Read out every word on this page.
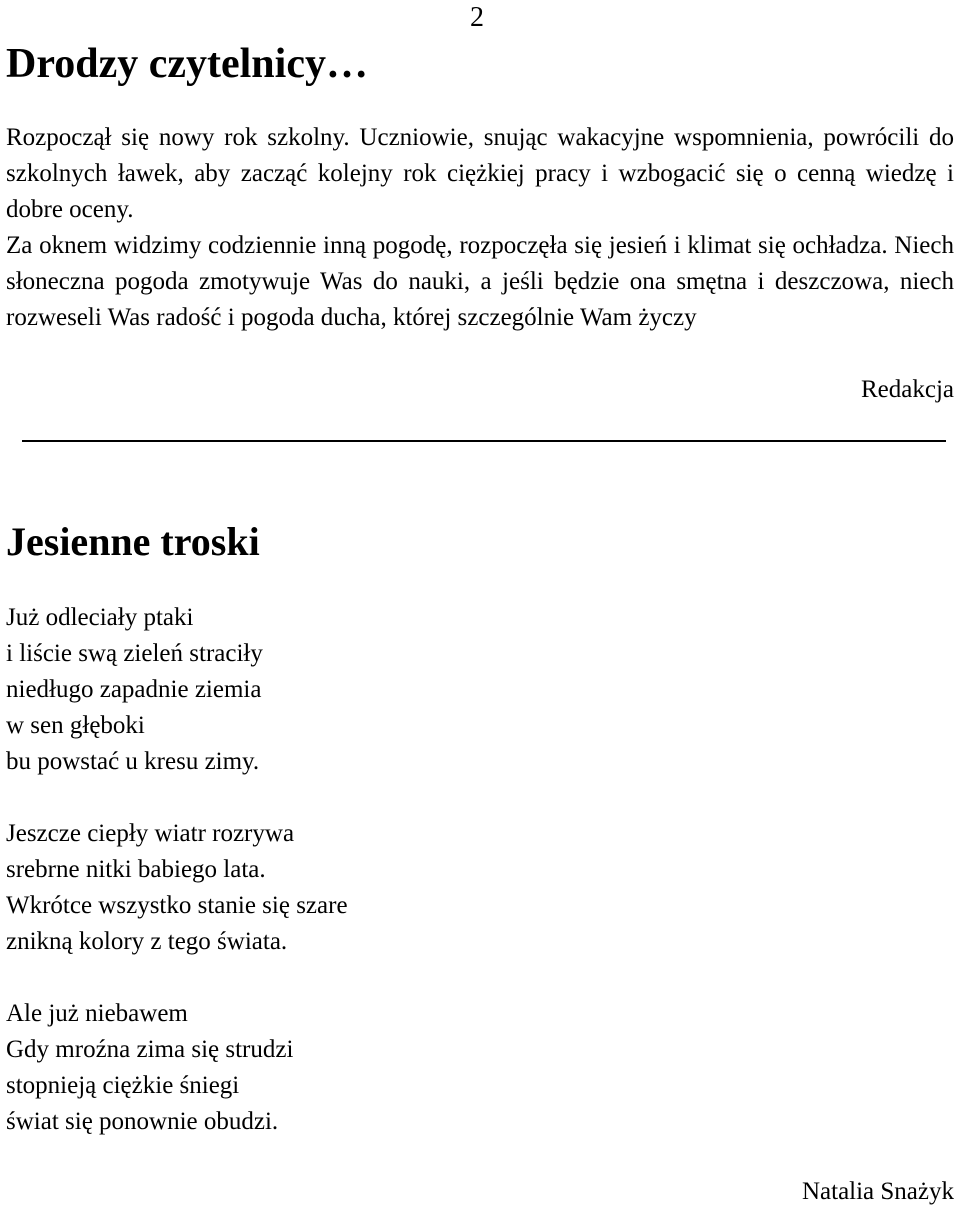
2
Drodzy czytelnicy…

Rozpoczął się nowy rok szkolny. Uczniowie, snując wakacyjne wspomnienia, powrócili do szkolnych ławek, aby zacząć kolejny rok ciężkiej pracy i wzbogacić się o cenną wiedzę i dobre oceny.

Za oknem widzimy codziennie inną pogodę, rozpoczęła się jesień i klimat się ochładza. Niech słoneczna pogoda zmotywuje Was do nauki, a jeśli będzie ona smętna i deszczowa, niech rozweseli Was radość i pogoda ducha, której szczególnie Wam życzy

Redakcja
Jesienne troski
Już odleciały ptaki
i liście swą zieleń straciły
niedługo zapadnie ziemia
w sen głęboki
bu powstać u kresu zimy.
Jeszcze ciepły wiatr rozrywa
srebrne nitki babiego lata.
Wkrótce wszystko stanie się szare
znikną kolory z tego świata.
Ale już niebawem
Gdy mroźna zima się strudzi
stopnieją ciężkie śniegi
świat się ponownie obudzi.
Natalia Snażyk
